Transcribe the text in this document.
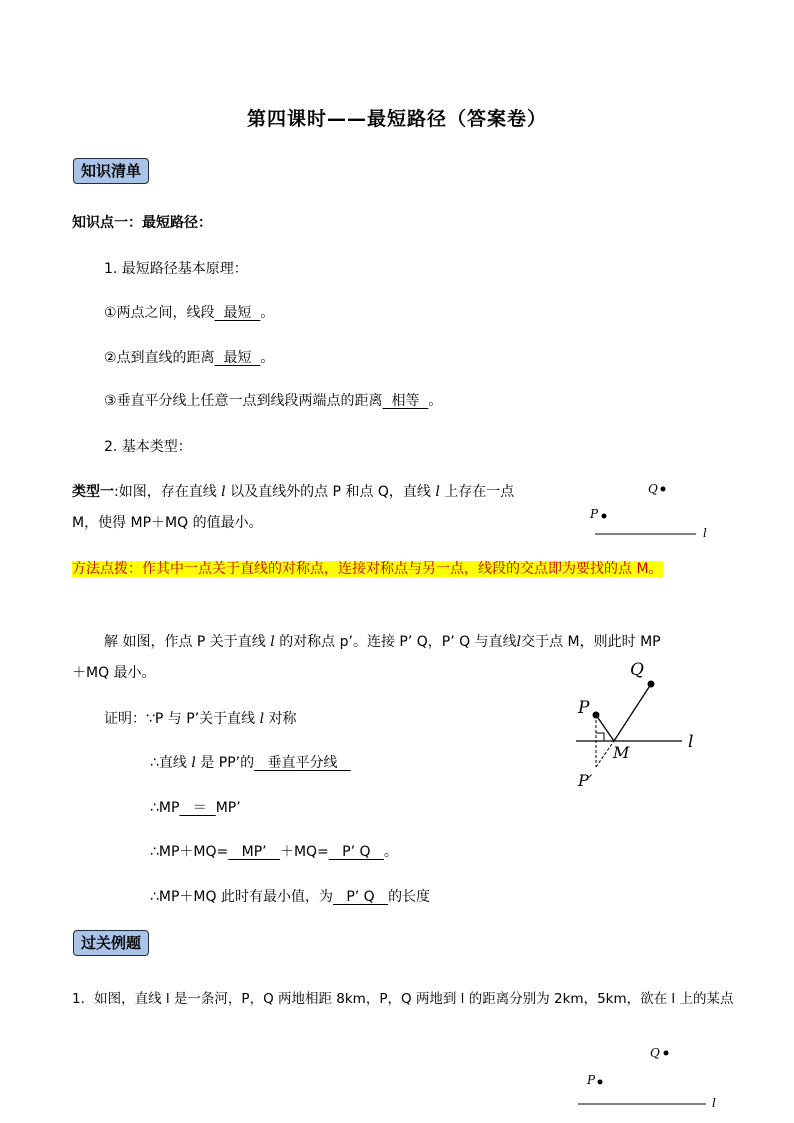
第四课时——最短路径（答案卷）
知识清单
知识点一：最短路径：
1. 最短路径基本原理：
①两点之间，线段  最短  。
②点到直线的距离  最短  。
③垂直平分线上任意一点到线段两端点的距离  相等  。
2. 基本类型：
类型一:如图，存在直线 l 以及直线外的点 P 和点 Q，直线 l 上存在一点
M，使得 MP＋MQ 的值最小。
Q
P
l
方法点拨：作其中一点关于直线的对称点，连接对称点与另一点，线段的交点即为要找的点 M。
解 如图，作点 P 关于直线 l 的对称点 p’。连接 P’ Q，P’ Q 与直线l交于点 M，则此时 MP
＋MQ 最小。	Q
P
l
M
P′
证明：∵P 与 P’关于直线 l 对称
∴直线 l 是 PP’的   垂直平分线
∴MP   ＝  MP’
∴MP＋MQ=   MP’   ＋MQ=   P’ Q   。
∴MP＋MQ 此时有最小值，为   P’ Q   的长度
过关例题
1．如图，直线 l 是一条河，P，Q 两地相距 8km，P，Q 两地到 l 的距离分别为 2km，5km，欲在 l 上的某点
Q
P
l
